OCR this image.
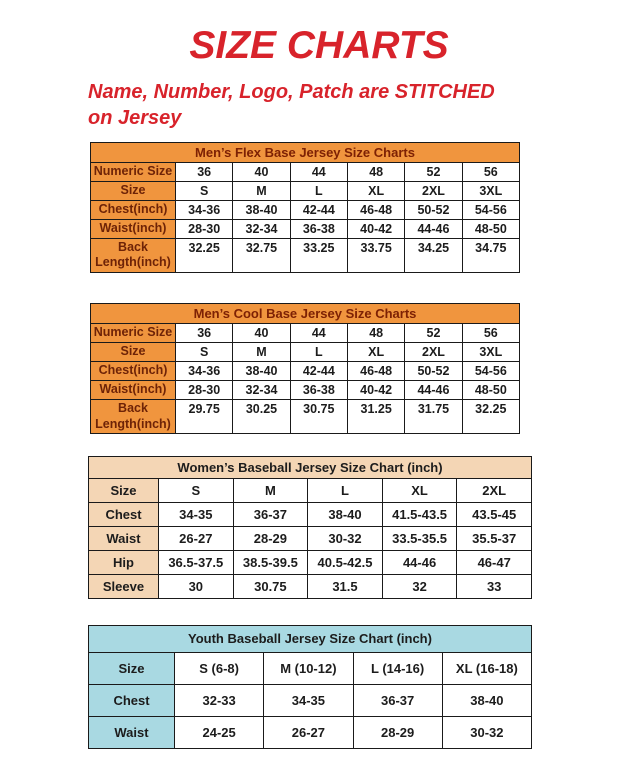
SIZE CHARTS

Name, Number, Logo, Patch are STITCHED
on Jersey

Men’s Flex Base Jersey Size Charts						
Numeric Size	36	40	44	48	52	56
Size	S	M	L	XL	2XL	3XL
Chest(inch)	34-36	38-40	42-44	46-48	50-52	54-56
Waist(inch)	28-30	32-34	36-38	40-42	44-46	48-50
Back Length(inch)	32.25	32.75	33.25	33.75	34.25	34.75
Men’s Cool Base Jersey Size Charts						
Numeric Size	36	40	44	48	52	56
Size	S	M	L	XL	2XL	3XL
Chest(inch)	34-36	38-40	42-44	46-48	50-52	54-56
Waist(inch)	28-30	32-34	36-38	40-42	44-46	48-50
Back Length(inch)	29.75	30.25	30.75	31.25	31.75	32.25
Women’s Baseball Jersey Size Chart (inch)					
Size	S	M	L	XL	2XL
Chest	34-35	36-37	38-40	41.5-43.5	43.5-45
Waist	26-27	28-29	30-32	33.5-35.5	35.5-37
Hip	36.5-37.5	38.5-39.5	40.5-42.5	44-46	46-47
Sleeve	30	30.75	31.5	32	33
Youth Baseball Jersey Size Chart (inch)				
Size	S (6-8)	M (10-12)	L (14-16)	XL (16-18)
Chest	32-33	34-35	36-37	38-40
Waist	24-25	26-27	28-29	30-32
